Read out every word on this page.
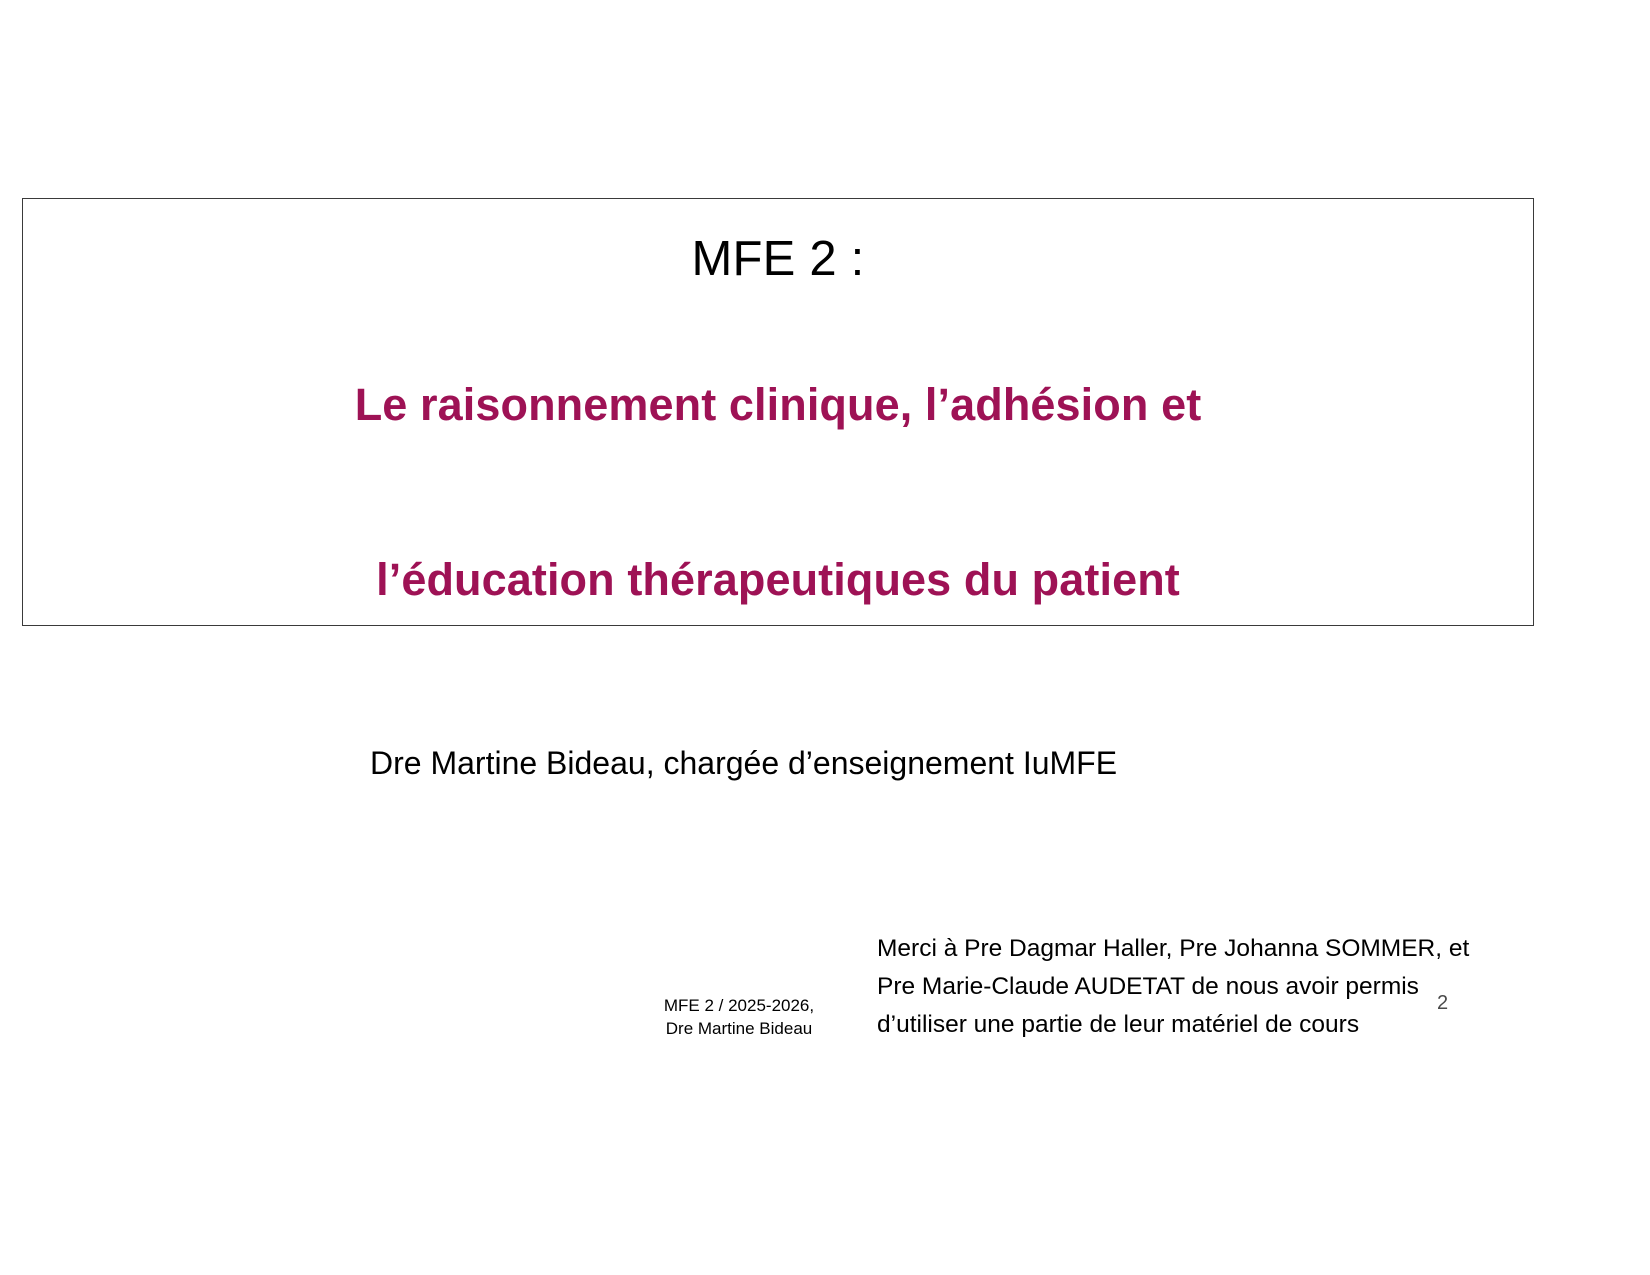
MFE 2 :
Le raisonnement clinique, l’adhésion et
l’éducation thérapeutiques du patient
Dre Martine Bideau, chargée d’enseignement IuMFE
MFE 2 / 2025-2026,
Dre Martine Bideau
Merci à Pre Dagmar Haller, Pre Johanna SOMMER, et
Pre Marie-Claude AUDETAT de nous avoir permis
d’utiliser une partie de leur matériel de cours
2
